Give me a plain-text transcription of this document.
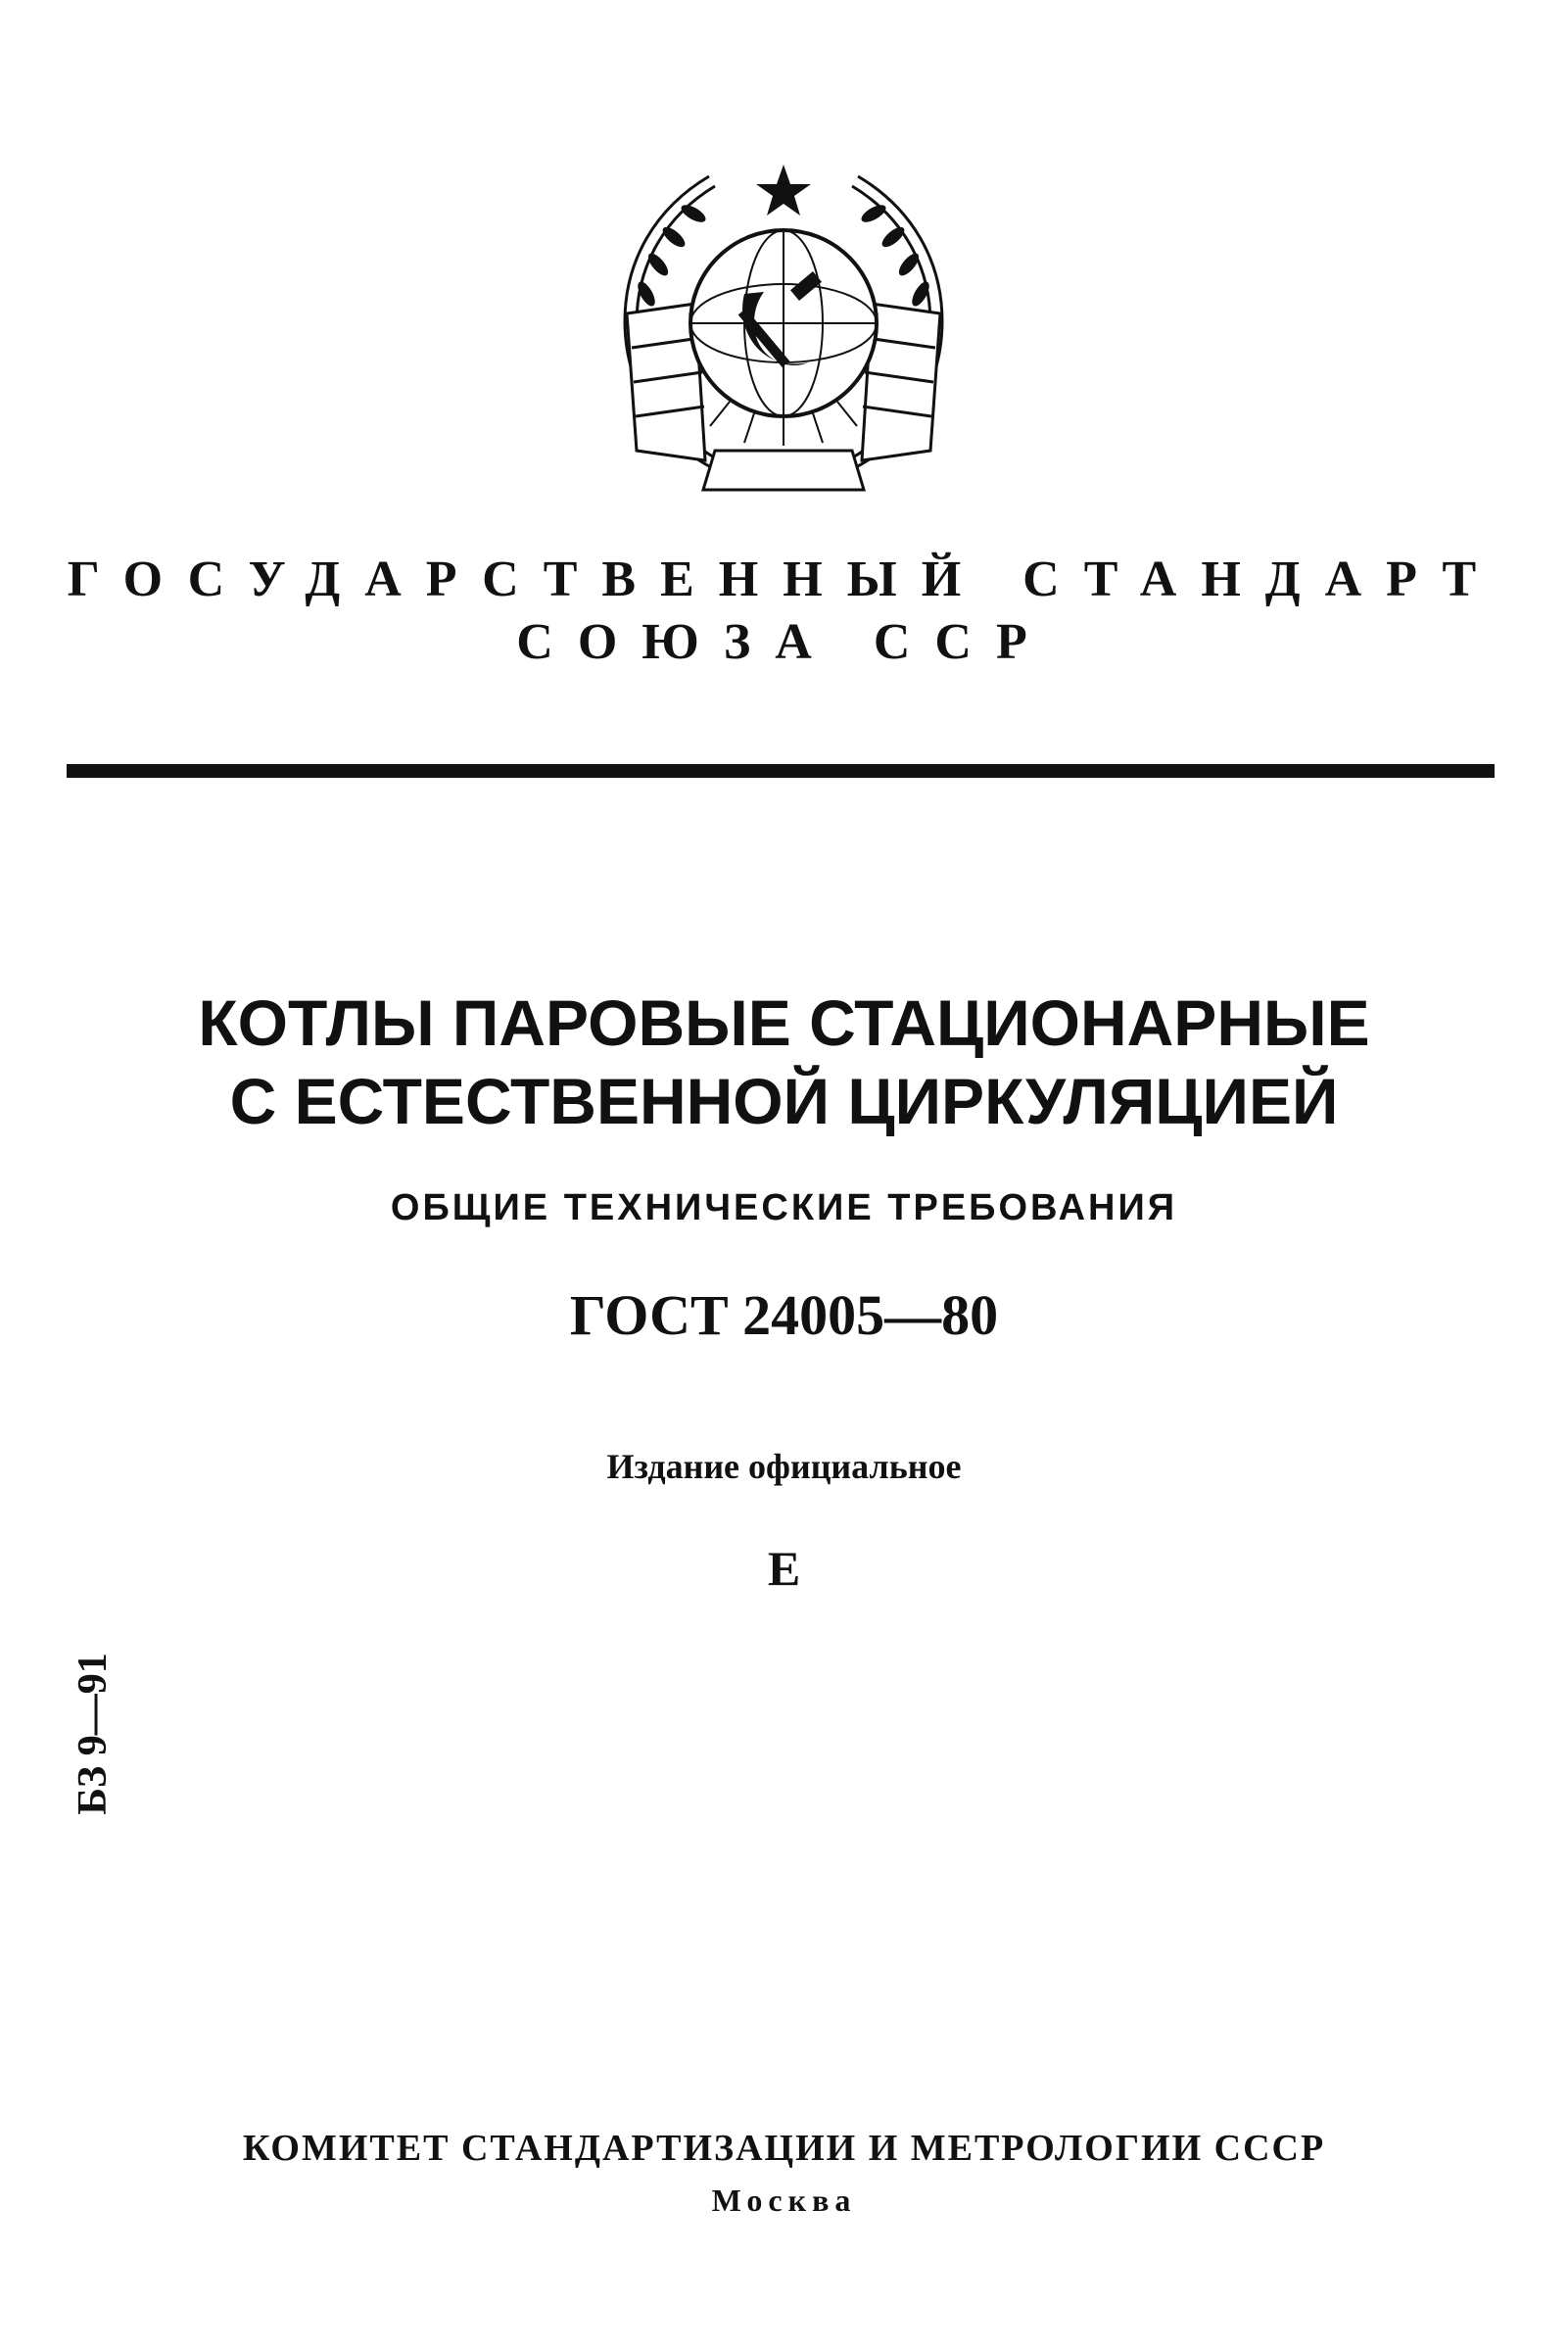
ГОСУДАРСТВЕННЫЙ СТАНДАРТ
СОЮЗА ССР
КОТЛЫ ПАРОВЫЕ СТАЦИОНАРНЫЕ
С ЕСТЕСТВЕННОЙ ЦИРКУЛЯЦИЕЙ
ОБЩИЕ ТЕХНИЧЕСКИЕ ТРЕБОВАНИЯ
ГОСТ 24005—80
Издание официальное
Е
БЗ 9—91
КОМИТЕТ СТАНДАРТИЗАЦИИ И МЕТРОЛОГИИ СССР
Москва
